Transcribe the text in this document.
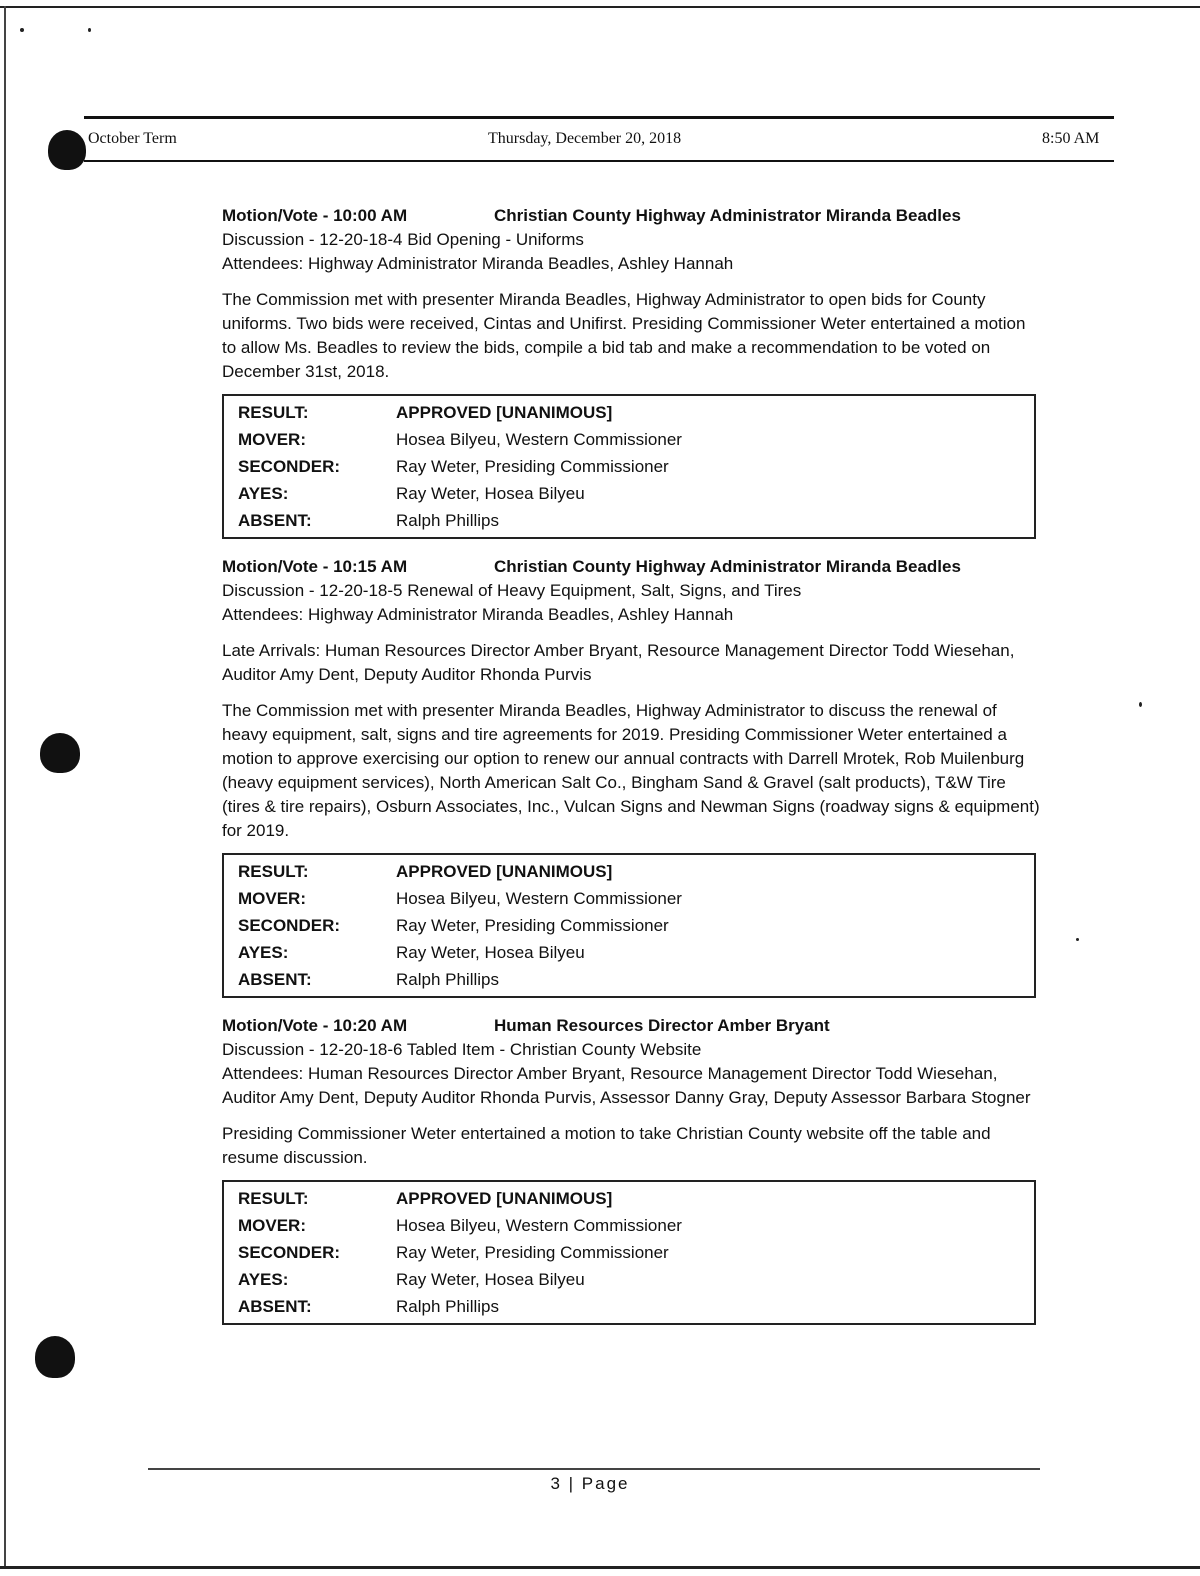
October Term	Thursday, December 20, 2018	8:50 AM
Motion/Vote - 10:00 AM	Christian County Highway Administrator Miranda Beadles
Discussion - 12-20-18-4 Bid Opening - Uniforms
Attendees: Highway Administrator Miranda Beadles, Ashley Hannah
The Commission met with presenter Miranda Beadles, Highway Administrator to open bids for County uniforms. Two bids were received, Cintas and Unifirst. Presiding Commissioner Weter entertained a motion to allow Ms. Beadles to review the bids, compile a bid tab and make a recommendation to be voted on December 31st, 2018.
RESULT:	APPROVED [UNANIMOUS]
MOVER:	Hosea Bilyeu, Western Commissioner
SECONDER:	Ray Weter, Presiding Commissioner
AYES:	Ray Weter, Hosea Bilyeu
ABSENT:	Ralph Phillips
Motion/Vote - 10:15 AM	Christian County Highway Administrator Miranda Beadles
Discussion - 12-20-18-5 Renewal of Heavy Equipment, Salt, Signs, and Tires
Attendees: Highway Administrator Miranda Beadles, Ashley Hannah
Late Arrivals: Human Resources Director Amber Bryant, Resource Management Director Todd Wiesehan, Auditor Amy Dent, Deputy Auditor Rhonda Purvis
The Commission met with presenter Miranda Beadles, Highway Administrator to discuss the renewal of heavy equipment, salt, signs and tire agreements for 2019. Presiding Commissioner Weter entertained a motion to approve exercising our option to renew our annual contracts with Darrell Mrotek, Rob Muilenburg (heavy equipment services), North American Salt Co., Bingham Sand & Gravel (salt products), T&W Tire (tires & tire repairs), Osburn Associates, Inc., Vulcan Signs and Newman Signs (roadway signs & equipment) for 2019.
RESULT:	APPROVED [UNANIMOUS]
MOVER:	Hosea Bilyeu, Western Commissioner
SECONDER:	Ray Weter, Presiding Commissioner
AYES:	Ray Weter, Hosea Bilyeu
ABSENT:	Ralph Phillips
Motion/Vote - 10:20 AM	Human Resources Director Amber Bryant
Discussion - 12-20-18-6 Tabled Item - Christian County Website
Attendees: Human Resources Director Amber Bryant, Resource Management Director Todd Wiesehan, Auditor Amy Dent, Deputy Auditor Rhonda Purvis, Assessor Danny Gray, Deputy Assessor Barbara Stogner
Presiding Commissioner Weter entertained a motion to take Christian County website off the table and resume discussion.
RESULT:	APPROVED [UNANIMOUS]
MOVER:	Hosea Bilyeu, Western Commissioner
SECONDER:	Ray Weter, Presiding Commissioner
AYES:	Ray Weter, Hosea Bilyeu
ABSENT:	Ralph Phillips
3 | Page
